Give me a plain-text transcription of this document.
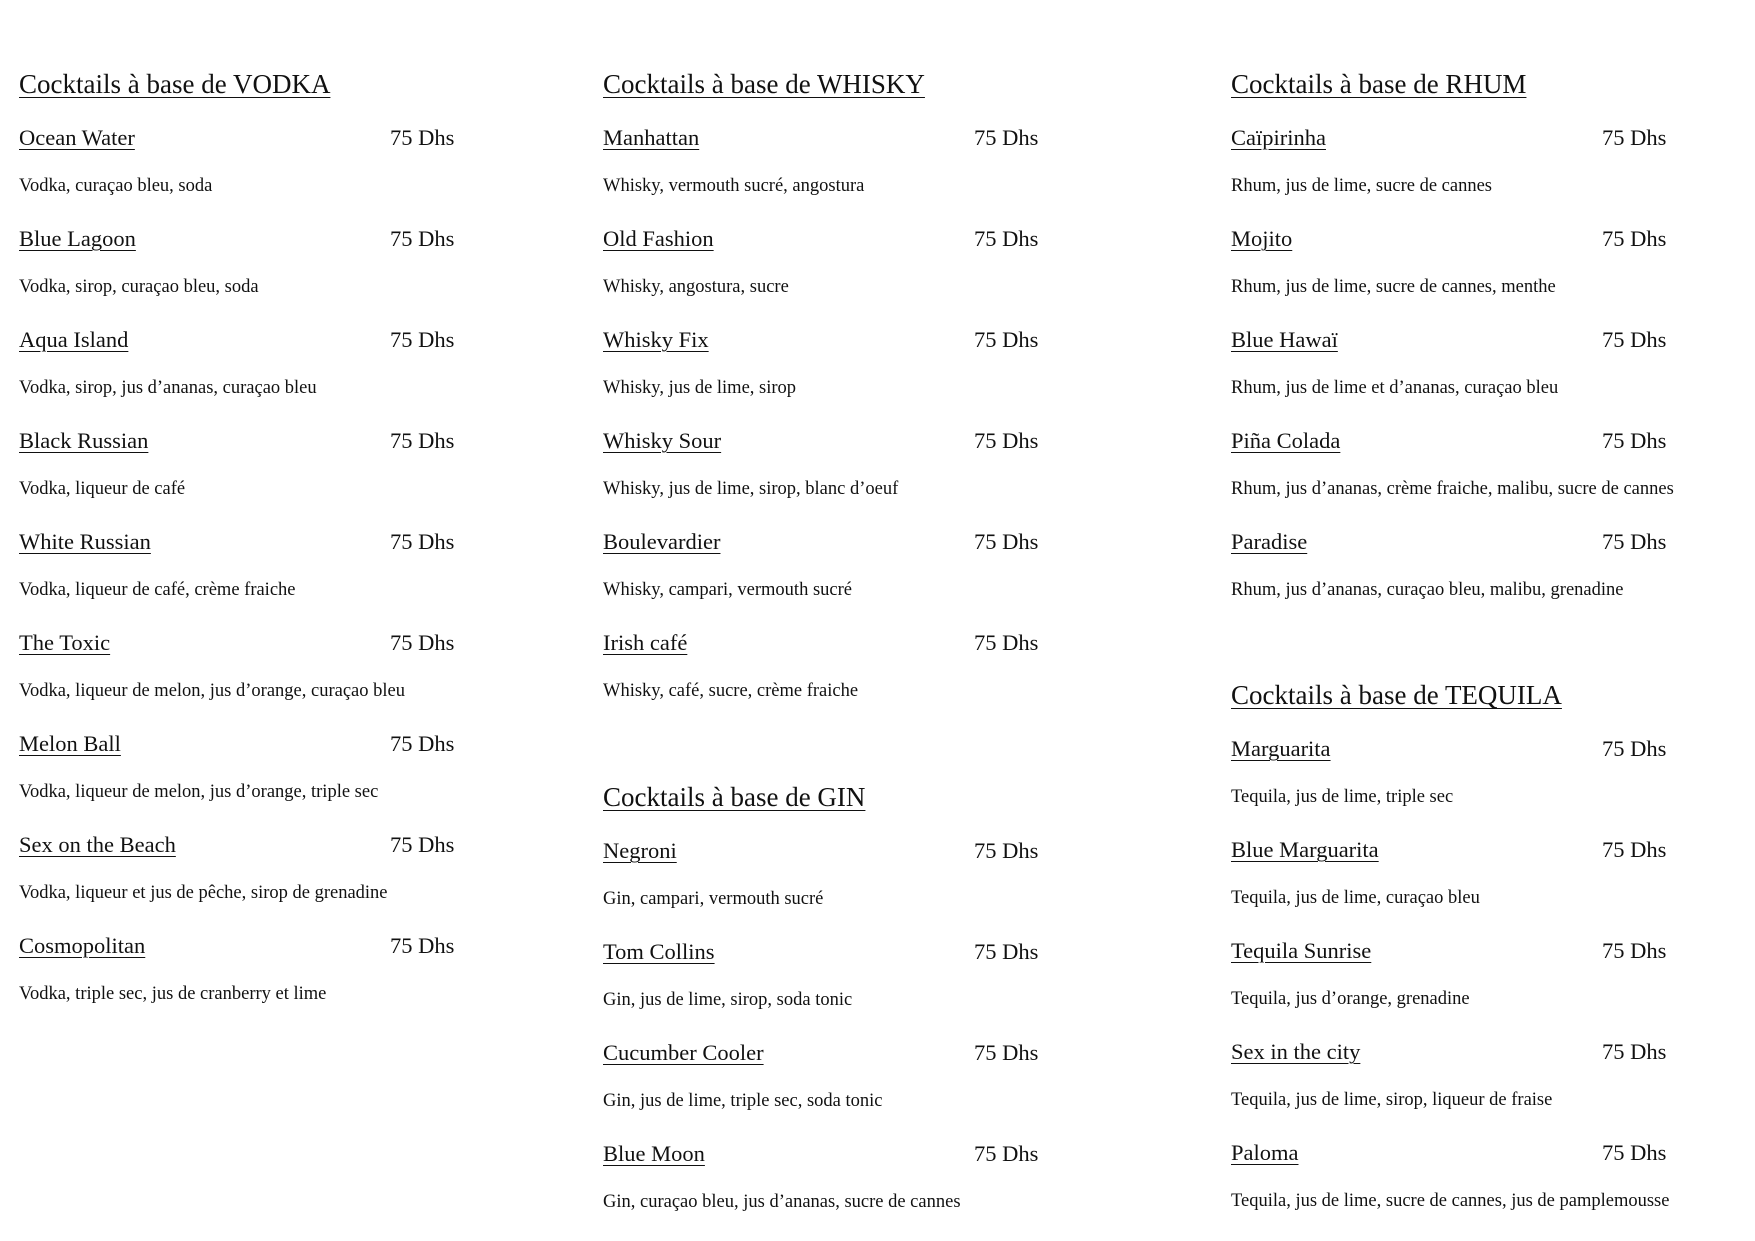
Cocktails à base de VODKA
Ocean Water	75 Dhs
Vodka, curaçao bleu, soda
Blue Lagoon	75 Dhs
Vodka, sirop, curaçao bleu, soda
Aqua Island	75 Dhs
Vodka, sirop, jus d’ananas, curaçao bleu
Black Russian	75 Dhs
Vodka, liqueur de café
White Russian	75 Dhs
Vodka, liqueur de café, crème fraiche
The Toxic	75 Dhs
Vodka, liqueur de melon, jus d’orange, curaçao bleu
Melon Ball	75 Dhs
Vodka, liqueur de melon, jus d’orange, triple sec
Sex on the Beach	75 Dhs
Vodka, liqueur et jus de pêche, sirop de grenadine
Cosmopolitan	75 Dhs
Vodka, triple sec, jus de cranberry et lime
Cocktails à base de WHISKY
Manhattan	75 Dhs
Whisky, vermouth sucré, angostura
Old Fashion	75 Dhs
Whisky, angostura, sucre
Whisky Fix	75 Dhs
Whisky, jus de lime, sirop
Whisky Sour	75 Dhs
Whisky, jus de lime, sirop, blanc d’oeuf
Boulevardier	75 Dhs
Whisky, campari, vermouth sucré
Irish café	75 Dhs
Whisky, café, sucre, crème fraiche
Cocktails à base de GIN
Negroni	75 Dhs
Gin, campari, vermouth sucré
Tom Collins	75 Dhs
Gin, jus de lime, sirop, soda tonic
Cucumber Cooler	75 Dhs
Gin, jus de lime, triple sec, soda tonic
Blue Moon	75 Dhs
Gin, curaçao bleu, jus d’ananas, sucre de cannes
Cocktails à base de RHUM
Caïpirinha	75 Dhs
Rhum, jus de lime, sucre de cannes
Mojito	75 Dhs
Rhum, jus de lime, sucre de cannes, menthe
Blue Hawaï	75 Dhs
Rhum, jus de lime et d’ananas, curaçao bleu
Piña Colada	75 Dhs
Rhum, jus d’ananas, crème fraiche, malibu, sucre de cannes
Paradise	75 Dhs
Rhum, jus d’ananas, curaçao bleu, malibu, grenadine
Cocktails à base de TEQUILA
Marguarita	75 Dhs
Tequila, jus de lime, triple sec
Blue Marguarita	75 Dhs
Tequila, jus de lime, curaçao bleu
Tequila Sunrise	75 Dhs
Tequila, jus d’orange, grenadine
Sex in the city	75 Dhs
Tequila, jus de lime, sirop, liqueur de fraise
Paloma	75 Dhs
Tequila, jus de lime, sucre de cannes, jus de pamplemousse
